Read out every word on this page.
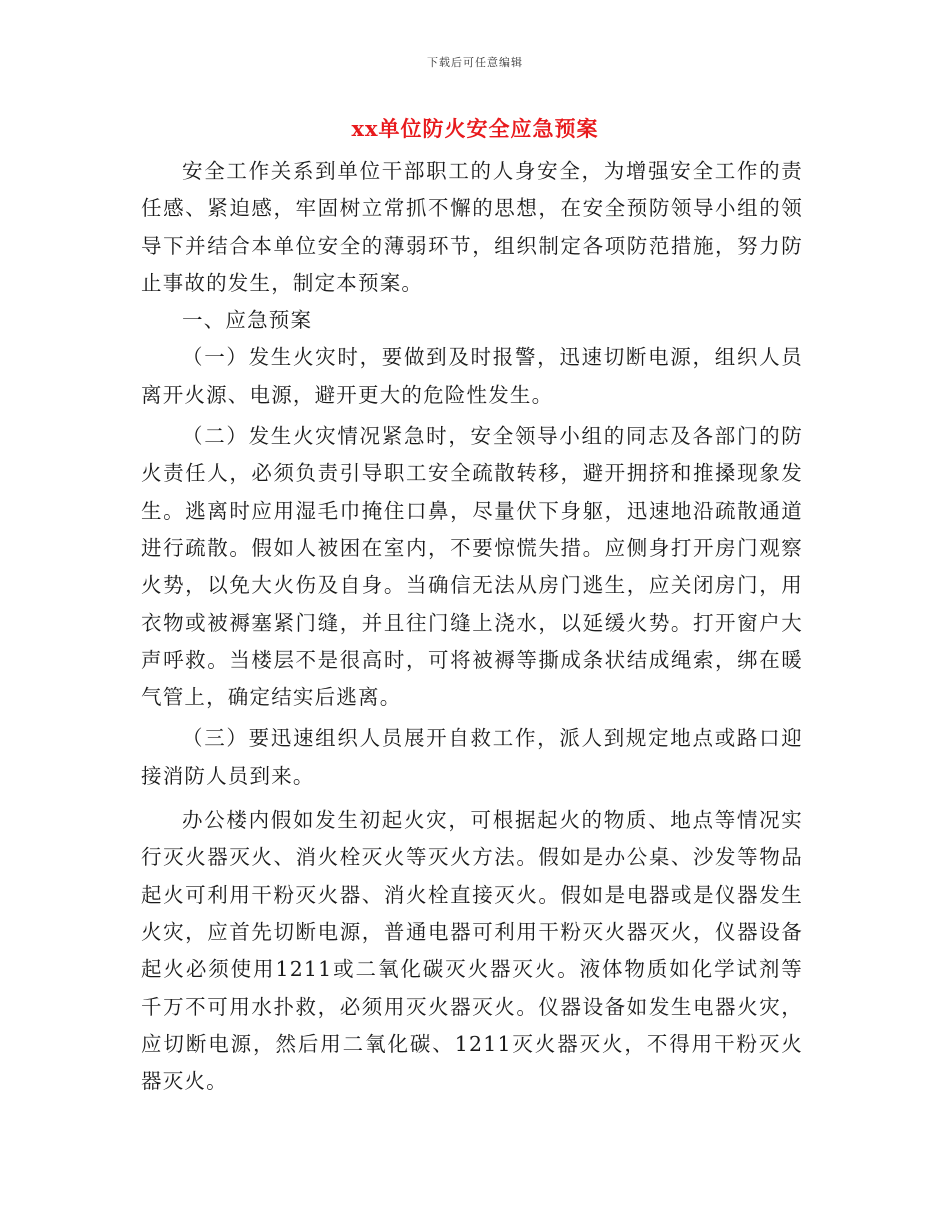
下载后可任意编辑
xx单位防火安全应急预案

安全工作关系到单位干部职工的人身安全，为增强安全工作的责任感、紧迫感，牢固树立常抓不懈的思想，在安全预防领导小组的领导下并结合本单位安全的薄弱环节，组织制定各项防范措施，努力防止事故的发生，制定本预案。

一、应急预案

（一）发生火灾时，要做到及时报警，迅速切断电源，组织人员离开火源、电源，避开更大的危险性发生。

（二）发生火灾情况紧急时，安全领导小组的同志及各部门的防火责任人，必须负责引导职工安全疏散转移，避开拥挤和推搡现象发生。逃离时应用湿毛巾掩住口鼻，尽量伏下身躯，迅速地沿疏散通道进行疏散。假如人被困在室内，不要惊慌失措。应侧身打开房门观察火势，以免大火伤及自身。当确信无法从房门逃生，应关闭房门，用衣物或被褥塞紧门缝，并且往门缝上浇水，以延缓火势。打开窗户大声呼救。当楼层不是很高时，可将被褥等撕成条状结成绳索，绑在暖气管上，确定结实后逃离。

（三）要迅速组织人员展开自救工作，派人到规定地点或路口迎接消防人员到来。

办公楼内假如发生初起火灾，可根据起火的物质、地点等情况实行灭火器灭火、消火栓灭火等灭火方法。假如是办公桌、沙发等物品起火可利用干粉灭火器、消火栓直接灭火。假如是电器或是仪器发生火灾，应首先切断电源，普通电器可利用干粉灭火器灭火，仪器设备起火必须使用1211或二氧化碳灭火器灭火。液体物质如化学试剂等千万不可用水扑救，必须用灭火器灭火。仪器设备如发生电器火灾，应切断电源，然后用二氧化碳、1211灭火器灭火，不得用干粉灭火器灭火。
